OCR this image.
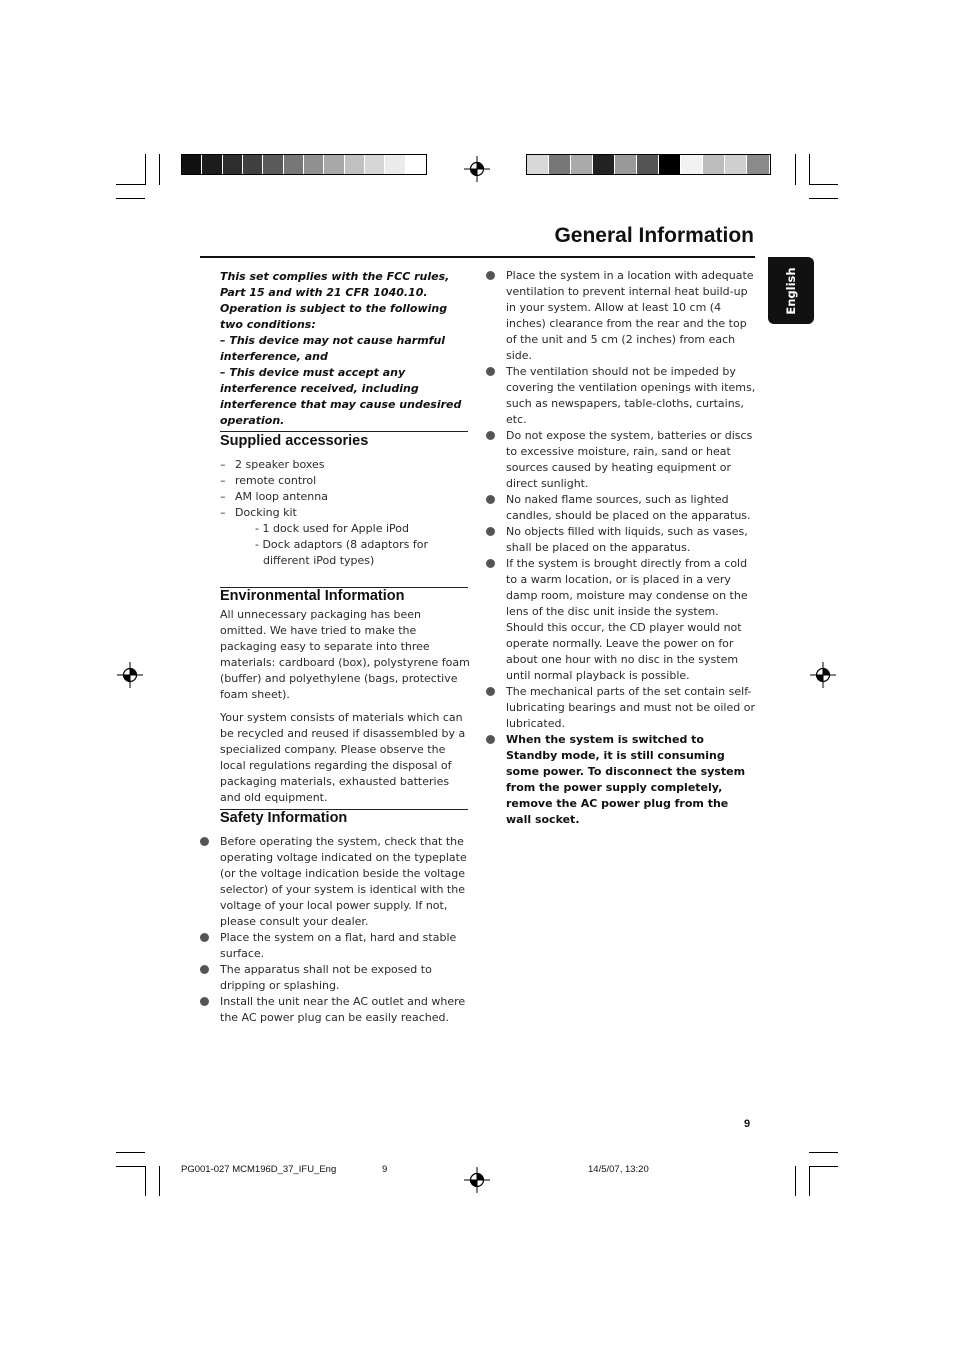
General Information
English

This set complies with the FCC rules, Part 15 and with 21 CFR 1040.10. Operation is subject to the following two conditions:

– This device may not cause harmful interference, and

– This device must accept any interference received, including interference that may cause undesired operation.

Supplied accessories
– 2 speaker boxes
– remote control
– AM loop antenna
– Docking kit
- 1 dock used for Apple iPod
- Dock adaptors (8 adaptors for different iPod types)
Environmental Information

All unnecessary packaging has been omitted. We have tried to make the packaging easy to separate into three materials: cardboard (box), polystyrene foam (buffer) and polyethylene (bags, protective foam sheet).

Your system consists of materials which can be recycled and reused if disassembled by a specialized company. Please observe the local regulations regarding the disposal of packaging materials, exhausted batteries and old equipment.

Safety Information
Before operating the system, check that the operating voltage indicated on the typeplate (or the voltage indication beside the voltage selector) of your system is identical with the voltage of your local power supply. If not, please consult your dealer.
Place the system on a flat, hard and stable surface.
The apparatus shall not be exposed to dripping or splashing.
Install the unit near the AC outlet and where the AC power plug can be easily reached.
Place the system in a location with adequate ventilation to prevent internal heat build-up in your system. Allow at least 10 cm (4 inches) clearance from the rear and the top of the unit and 5 cm (2 inches) from each side.
The ventilation should not be impeded by covering the ventilation openings with items, such as newspapers, table-cloths, curtains, etc.
Do not expose the system, batteries or discs to excessive moisture, rain, sand or heat sources caused by heating equipment or direct sunlight.
No naked flame sources, such as lighted candles, should be placed on the apparatus.
No objects filled with liquids, such as vases, shall be placed on the apparatus.
If the system is brought directly from a cold to a warm location, or is placed in a very damp room, moisture may condense on the lens of the disc unit inside the system. Should this occur, the CD player would not operate normally. Leave the power on for about one hour with no disc in the system until normal playback is possible.
The mechanical parts of the set contain self-lubricating bearings and must not be oiled or lubricated.
When the system is switched to Standby mode, it is still consuming some power. To disconnect the system from the power supply completely, remove the AC power plug from the wall socket.
9
PG001-027 MCM196D_37_IFU_Eng	9	14/5/07, 13:20
